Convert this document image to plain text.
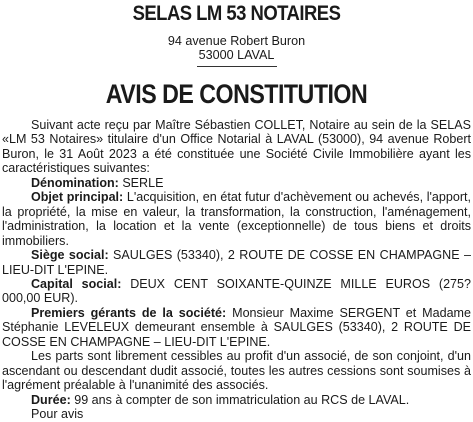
SELAS LM 53 NOTAIRES
94 avenue Robert Buron
53000 LAVAL
AVIS DE CONSTITUTION

Suivant acte reçu par Maître Sébastien COLLET, Notaire au sein de la SELAS «LM 53 Notaires» titulaire d'un Office Notarial à LAVAL (53000), 94 avenue Robert Buron, le 31 Août 2023 a été constituée une Société Civile Immobilière ayant les caractéristiques suivantes:

Dénomination: SERLE

Objet principal: L'acquisition, en état futur d'achèvement ou achevés, l'apport, la propriété, la mise en valeur, la transformation, la construction, l'aménagement, l'administration, la location et la vente (exceptionnelle) de tous biens et droits immobiliers.

Siège social: SAULGES (53340), 2 ROUTE DE COSSE EN CHAMPAGNE – LIEU-DIT L'EPINE.

Capital social: DEUX CENT SOIXANTE-QUINZE MILLE EUROS (275?000,00 EUR).

Premiers gérants de la société: Monsieur Maxime SERGENT et Madame Stéphanie LEVELEUX demeurant ensemble à SAULGES (53340), 2 ROUTE DE COSSE EN CHAMPAGNE – LIEU-DIT L'EPINE.

Les parts sont librement cessibles au profit d'un associé, de son conjoint, d'un ascendant ou descendant dudit associé, toutes les autres cessions sont soumises à l'agrément préalable à l'unanimité des associés.

Durée: 99 ans à compter de son immatriculation au RCS de LAVAL.

Pour avis
